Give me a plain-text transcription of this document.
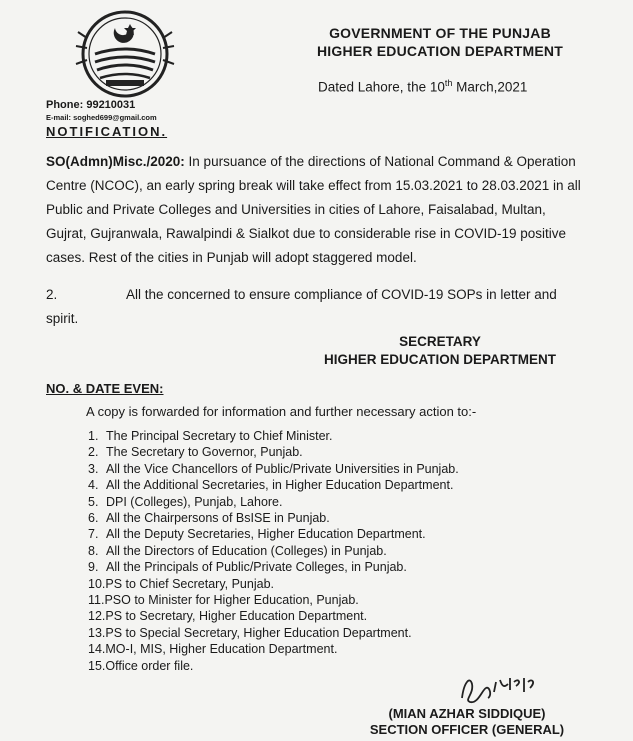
GOVERNMENT OF THE PUNJAB
HIGHER EDUCATION DEPARTMENT
Dated Lahore, the 10th March,2021
Phone: 99210031
E-mail: soghed699@gmail.com
NOTIFICATION.
SO(Admn)Misc./2020: In pursuance of the directions of National Command & Operation Centre (NCOC), an early spring break will take effect from 15.03.2021 to 28.03.2021 in all Public and Private Colleges and Universities in cities of Lahore, Faisalabad, Multan, Gujrat, Gujranwala, Rawalpindi & Sialkot due to considerable rise in COVID-19 positive cases. Rest of the cities in Punjab will adopt staggered model.
2.	All the concerned to ensure compliance of COVID-19 SOPs in letter and spirit.
SECRETARY
HIGHER EDUCATION DEPARTMENT
NO. & DATE EVEN:
A copy is forwarded for information and further necessary action to:-
1. The Principal Secretary to Chief Minister.
2. The Secretary to Governor, Punjab.
3. All the Vice Chancellors of Public/Private Universities in Punjab.
4. All the Additional Secretaries, in Higher Education Department.
5. DPI (Colleges), Punjab, Lahore.
6. All the Chairpersons of BsISE in Punjab.
7. All the Deputy Secretaries, Higher Education Department.
8. All the Directors of Education (Colleges) in Punjab.
9. All the Principals of Public/Private Colleges, in Punjab.
10.PS to Chief Secretary, Punjab.
11.PSO to Minister for Higher Education, Punjab.
12.PS to Secretary, Higher Education Department.
13.PS to Special Secretary, Higher Education Department.
14.MO-I, MIS, Higher Education Department.
15.Office order file.
(MIAN AZHAR SIDDIQUE)
SECTION OFFICER (GENERAL)
